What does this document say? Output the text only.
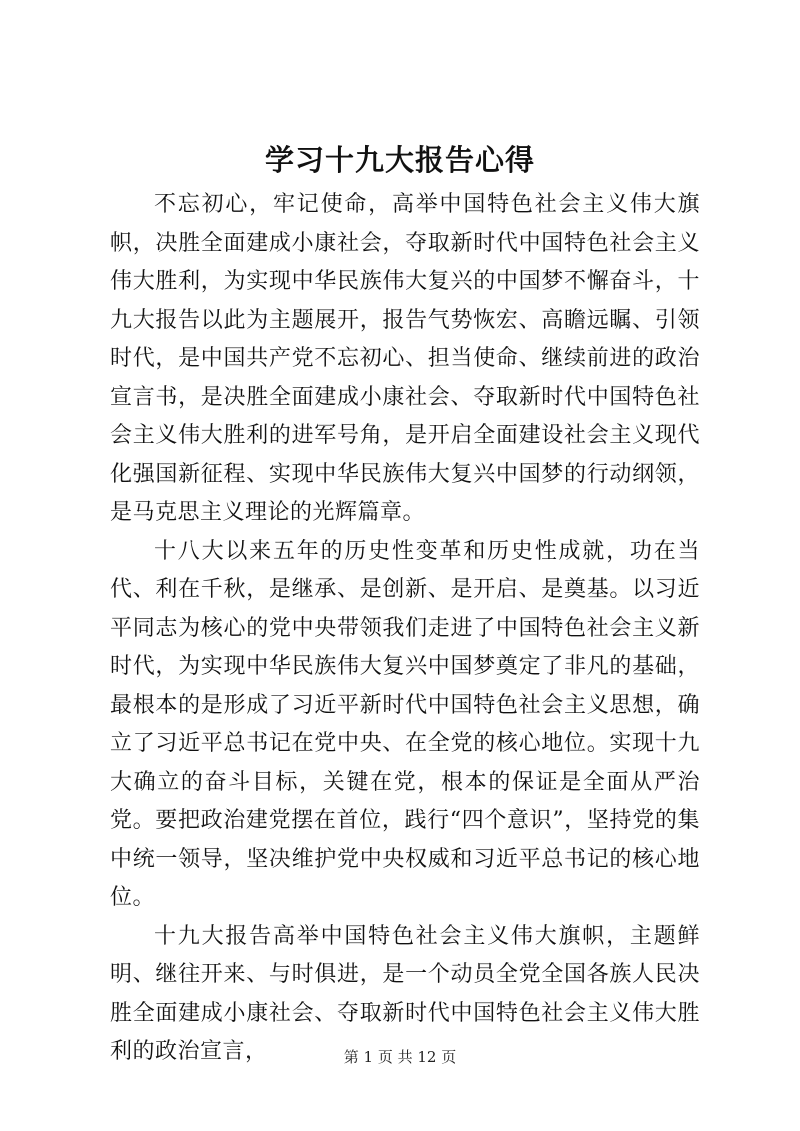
学习十九大报告心得

不忘初心，牢记使命，高举中国特色社会主义伟大旗帜，决胜全面建成小康社会，夺取新时代中国特色社会主义伟大胜利，为实现中华民族伟大复兴的中国梦不懈奋斗，十九大报告以此为主题展开，报告气势恢宏、高瞻远瞩、引领时代，是中国共产党不忘初心、担当使命、继续前进的政治宣言书，是决胜全面建成小康社会、夺取新时代中国特色社会主义伟大胜利的进军号角，是开启全面建设社会主义现代化强国新征程、实现中华民族伟大复兴中国梦的行动纲领，是马克思主义理论的光辉篇章。

十八大以来五年的历史性变革和历史性成就，功在当代、利在千秋，是继承、是创新、是开启、是奠基。以习近平同志为核心的党中央带领我们走进了中国特色社会主义新时代，为实现中华民族伟大复兴中国梦奠定了非凡的基础，最根本的是形成了习近平新时代中国特色社会主义思想，确立了习近平总书记在党中央、在全党的核心地位。实现十九大确立的奋斗目标，关键在党，根本的保证是全面从严治党。要把政治建党摆在首位，践行“四个意识”，坚持党的集中统一领导，坚决维护党中央权威和习近平总书记的核心地位。

十九大报告高举中国特色社会主义伟大旗帜，主题鲜明、继往开来、与时俱进，是一个动员全党全国各族人民决胜全面建成小康社会、夺取新时代中国特色社会主义伟大胜利的政治宣言，	第 1 页 共 12 页
